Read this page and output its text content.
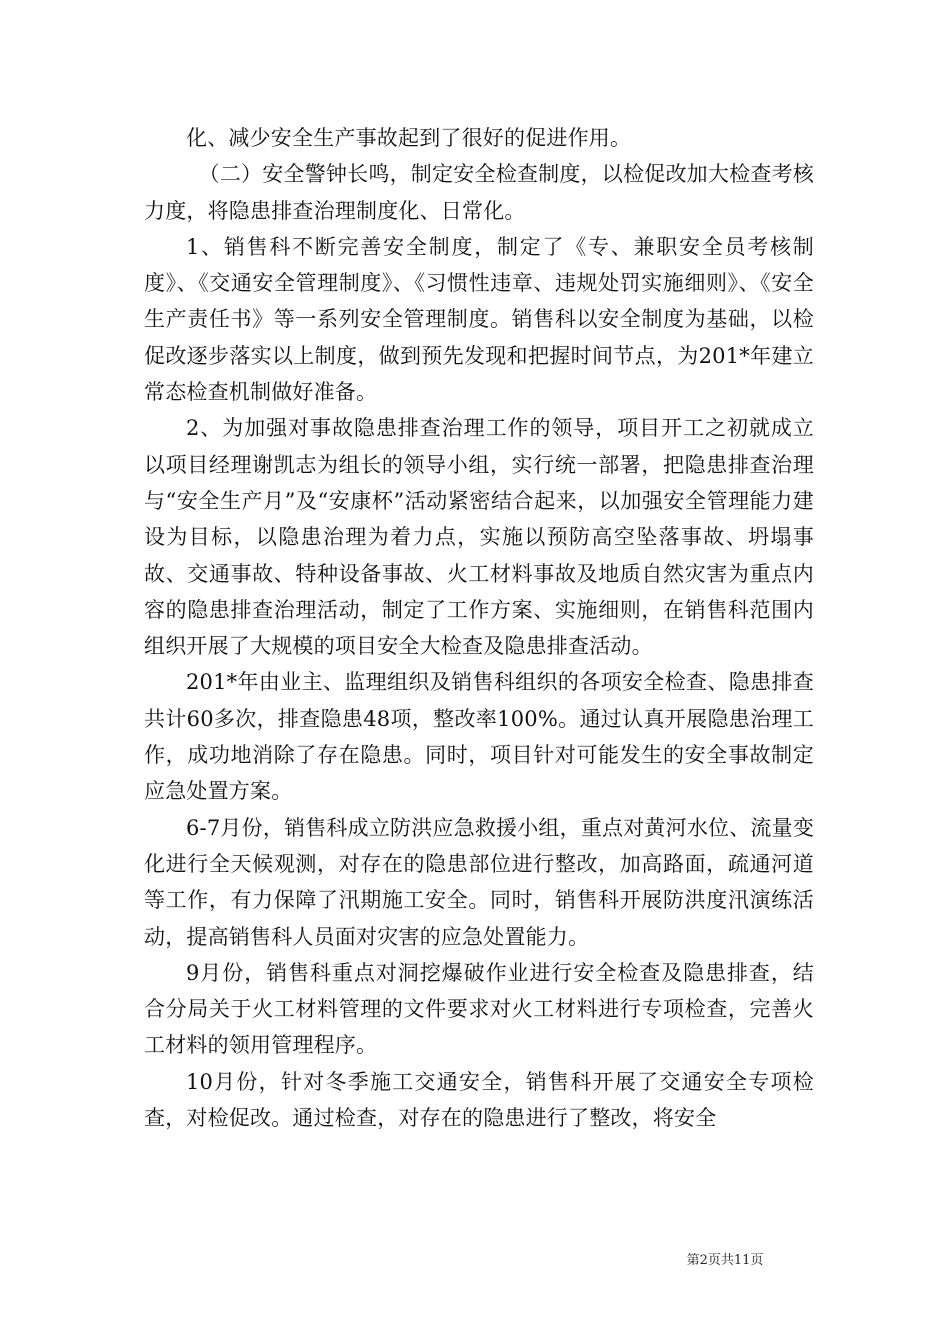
化、减少安全生产事故起到了很好的促进作用。

（二）安全警钟长鸣，制定安全检查制度，以检促改加大检查考核力度，将隐患排查治理制度化、日常化。

1、销售科不断完善安全制度，制定了《专、兼职安全员考核制度》、《交通安全管理制度》、《习惯性违章、违规处罚实施细则》、《安全生产责任书》等一系列安全管理制度。销售科以安全制度为基础，以检促改逐步落实以上制度，做到预先发现和把握时间节点，为201*年建立常态检查机制做好准备。

2、为加强对事故隐患排查治理工作的领导，项目开工之初就成立以项目经理谢凯志为组长的领导小组，实行统一部署，把隐患排查治理与“安全生产月”及“安康杯”活动紧密结合起来，以加强安全管理能力建设为目标，以隐患治理为着力点，实施以预防高空坠落事故、坍塌事故、交通事故、特种设备事故、火工材料事故及地质自然灾害为重点内容的隐患排查治理活动，制定了工作方案、实施细则，在销售科范围内组织开展了大规模的项目安全大检查及隐患排查活动。

201*年由业主、监理组织及销售科组织的各项安全检查、隐患排查共计60多次，排查隐患48项，整改率100%。通过认真开展隐患治理工作，成功地消除了存在隐患。同时，项目针对可能发生的安全事故制定应急处置方案。

6-7月份，销售科成立防洪应急救援小组，重点对黄河水位、流量变化进行全天候观测，对存在的隐患部位进行整改，加高路面，疏通河道等工作，有力保障了汛期施工安全。同时，销售科开展防洪度汛演练活动，提高销售科人员面对灾害的应急处置能力。

9月份，销售科重点对洞挖爆破作业进行安全检查及隐患排查，结合分局关于火工材料管理的文件要求对火工材料进行专项检查，完善火工材料的领用管理程序。

10月份，针对冬季施工交通安全，销售科开展了交通安全专项检查，对检促改。通过检查，对存在的隐患进行了整改，将安全

第2页共11页
